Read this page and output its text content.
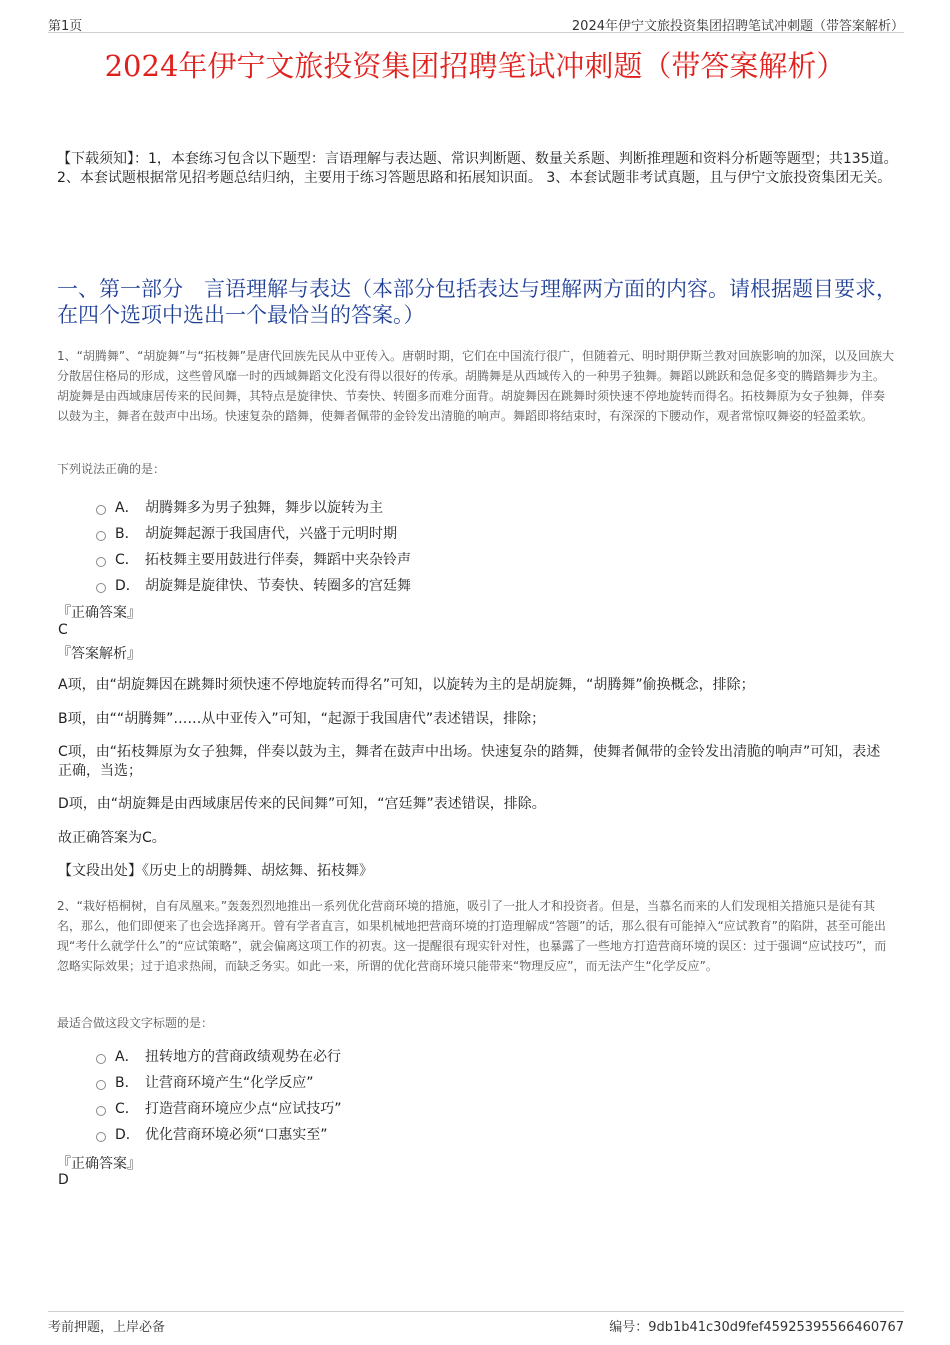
第1页	2024年伊宁文旅投资集团招聘笔试冲刺题（带答案解析）
2024年伊宁文旅投资集团招聘笔试冲刺题（带答案解析）
【下载须知】：1，本套练习包含以下题型：言语理解与表达题、常识判断题、数量关系题、判断推理题和资料分析题等题型；共135道。 2、本套试题根据常见招考题总结归纳，主要用于练习答题思路和拓展知识面。 3、本套试题非考试真题，且与伊宁文旅投资集团无关。
一、第一部分　言语理解与表达（本部分包括表达与理解两方面的内容。请根据题目要求，在四个选项中选出一个最恰当的答案。）
1、“胡腾舞”、“胡旋舞”与“拓枝舞”是唐代回族先民从中亚传入。唐朝时期，它们在中国流行很广，但随着元、明时期伊斯兰教对回族影响的加深，以及回族大分散居住格局的形成，这些曾风靡一时的西域舞蹈文化没有得以很好的传承。胡腾舞是从西域传入的一种男子独舞。舞蹈以跳跃和急促多变的腾踏舞步为主。胡旋舞是由西域康居传来的民间舞，其特点是旋律快、节奏快、转圈多而难分面背。胡旋舞因在跳舞时须快速不停地旋转而得名。拓枝舞原为女子独舞，伴奏以鼓为主，舞者在鼓声中出场。快速复杂的踏舞，使舞者佩带的金铃发出清脆的响声。舞蹈即将结束时，有深深的下腰动作，观者常惊叹舞姿的轻盈柔软。
下列说法正确的是：
A． 胡腾舞多为男子独舞，舞步以旋转为主
B． 胡旋舞起源于我国唐代，兴盛于元明时期
C． 拓枝舞主要用鼓进行伴奏，舞蹈中夹杂铃声
D． 胡旋舞是旋律快、节奏快、转圈多的宫廷舞
『正确答案』
C
『答案解析』
A项，由“胡旋舞因在跳舞时须快速不停地旋转而得名”可知，以旋转为主的是胡旋舞，“胡腾舞”偷换概念，排除；
B项，由““胡腾舞”……从中亚传入”可知，“起源于我国唐代”表述错误，排除；
C项，由“拓枝舞原为女子独舞，伴奏以鼓为主，舞者在鼓声中出场。快速复杂的踏舞，使舞者佩带的金铃发出清脆的响声”可知，表述正确，当选；
D项，由“胡旋舞是由西域康居传来的民间舞”可知，“宫廷舞”表述错误，排除。
故正确答案为C。
【文段出处】《历史上的胡腾舞、胡炫舞、拓枝舞》
2、“栽好梧桐树，自有凤凰来。”轰轰烈烈地推出一系列优化营商环境的措施，吸引了一批人才和投资者。但是，当慕名而来的人们发现相关措施只是徒有其名，那么，他们即便来了也会选择离开。曾有学者直言，如果机械地把营商环境的打造理解成“答题”的话，那么很有可能掉入“应试教育”的陷阱，甚至可能出现“考什么就学什么”的“应试策略”，就会偏离这项工作的初衷。这一提醒很有现实针对性，也暴露了一些地方打造营商环境的误区：过于强调“应试技巧”，而忽略实际效果；过于追求热闹，而缺乏务实。如此一来，所谓的优化营商环境只能带来“物理反应”，而无法产生“化学反应”。
最适合做这段文字标题的是：
A． 扭转地方的营商政绩观势在必行
B． 让营商环境产生“化学反应”
C． 打造营商环境应少点“应试技巧”
D． 优化营商环境必须“口惠实至”
『正确答案』
D
考前押题，上岸必备	编号：9db1b41c30d9fef4592539556646076​7
